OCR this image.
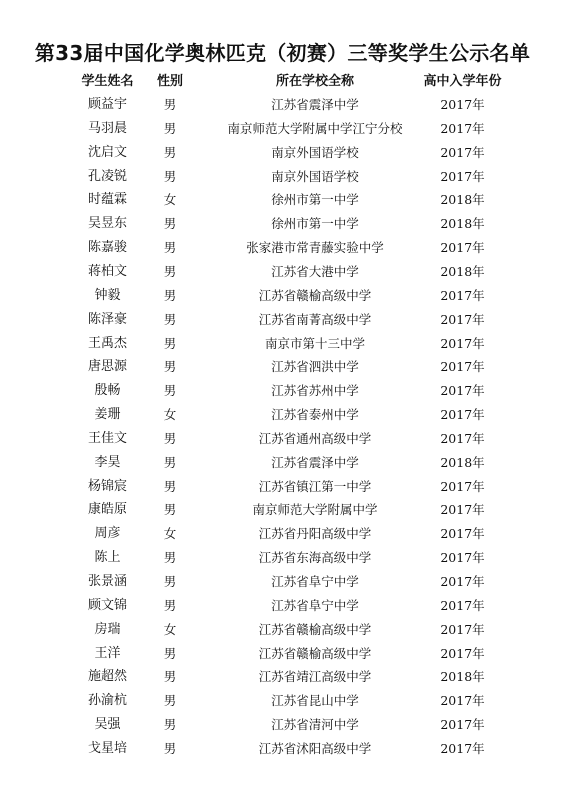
第33届中国化学奥林匹克（初赛）三等奖学生公示名单
学生姓名	性别	所在学校全称	高中入学年份
顾益宇	男	江苏省震泽中学	2017年
马羽晨	男	南京师范大学附属中学江宁分校	2017年
沈启文	男	南京外国语学校	2017年
孔凌锐	男	南京外国语学校	2017年
时蕴霖	女	徐州市第一中学	2018年
吴昱东	男	徐州市第一中学	2018年
陈嘉骏	男	张家港市常青藤实验中学	2017年
蒋柏文	男	江苏省大港中学	2018年
钟毅	男	江苏省赣榆高级中学	2017年
陈泽豪	男	江苏省南菁高级中学	2017年
王禹杰	男	南京市第十三中学	2017年
唐思源	男	江苏省泗洪中学	2017年
殷畅	男	江苏省苏州中学	2017年
姜珊	女	江苏省泰州中学	2017年
王佳文	男	江苏省通州高级中学	2017年
李昊	男	江苏省震泽中学	2018年
杨锦宸	男	江苏省镇江第一中学	2017年
康皓原	男	南京师范大学附属中学	2017年
周彦	女	江苏省丹阳高级中学	2017年
陈上	男	江苏省东海高级中学	2017年
张景涵	男	江苏省阜宁中学	2017年
顾文锦	男	江苏省阜宁中学	2017年
房瑞	女	江苏省赣榆高级中学	2017年
王洋	男	江苏省赣榆高级中学	2017年
施超然	男	江苏省靖江高级中学	2018年
孙渝杭	男	江苏省昆山中学	2017年
吴强	男	江苏省清河中学	2017年
戈星培	男	江苏省沭阳高级中学	2017年
